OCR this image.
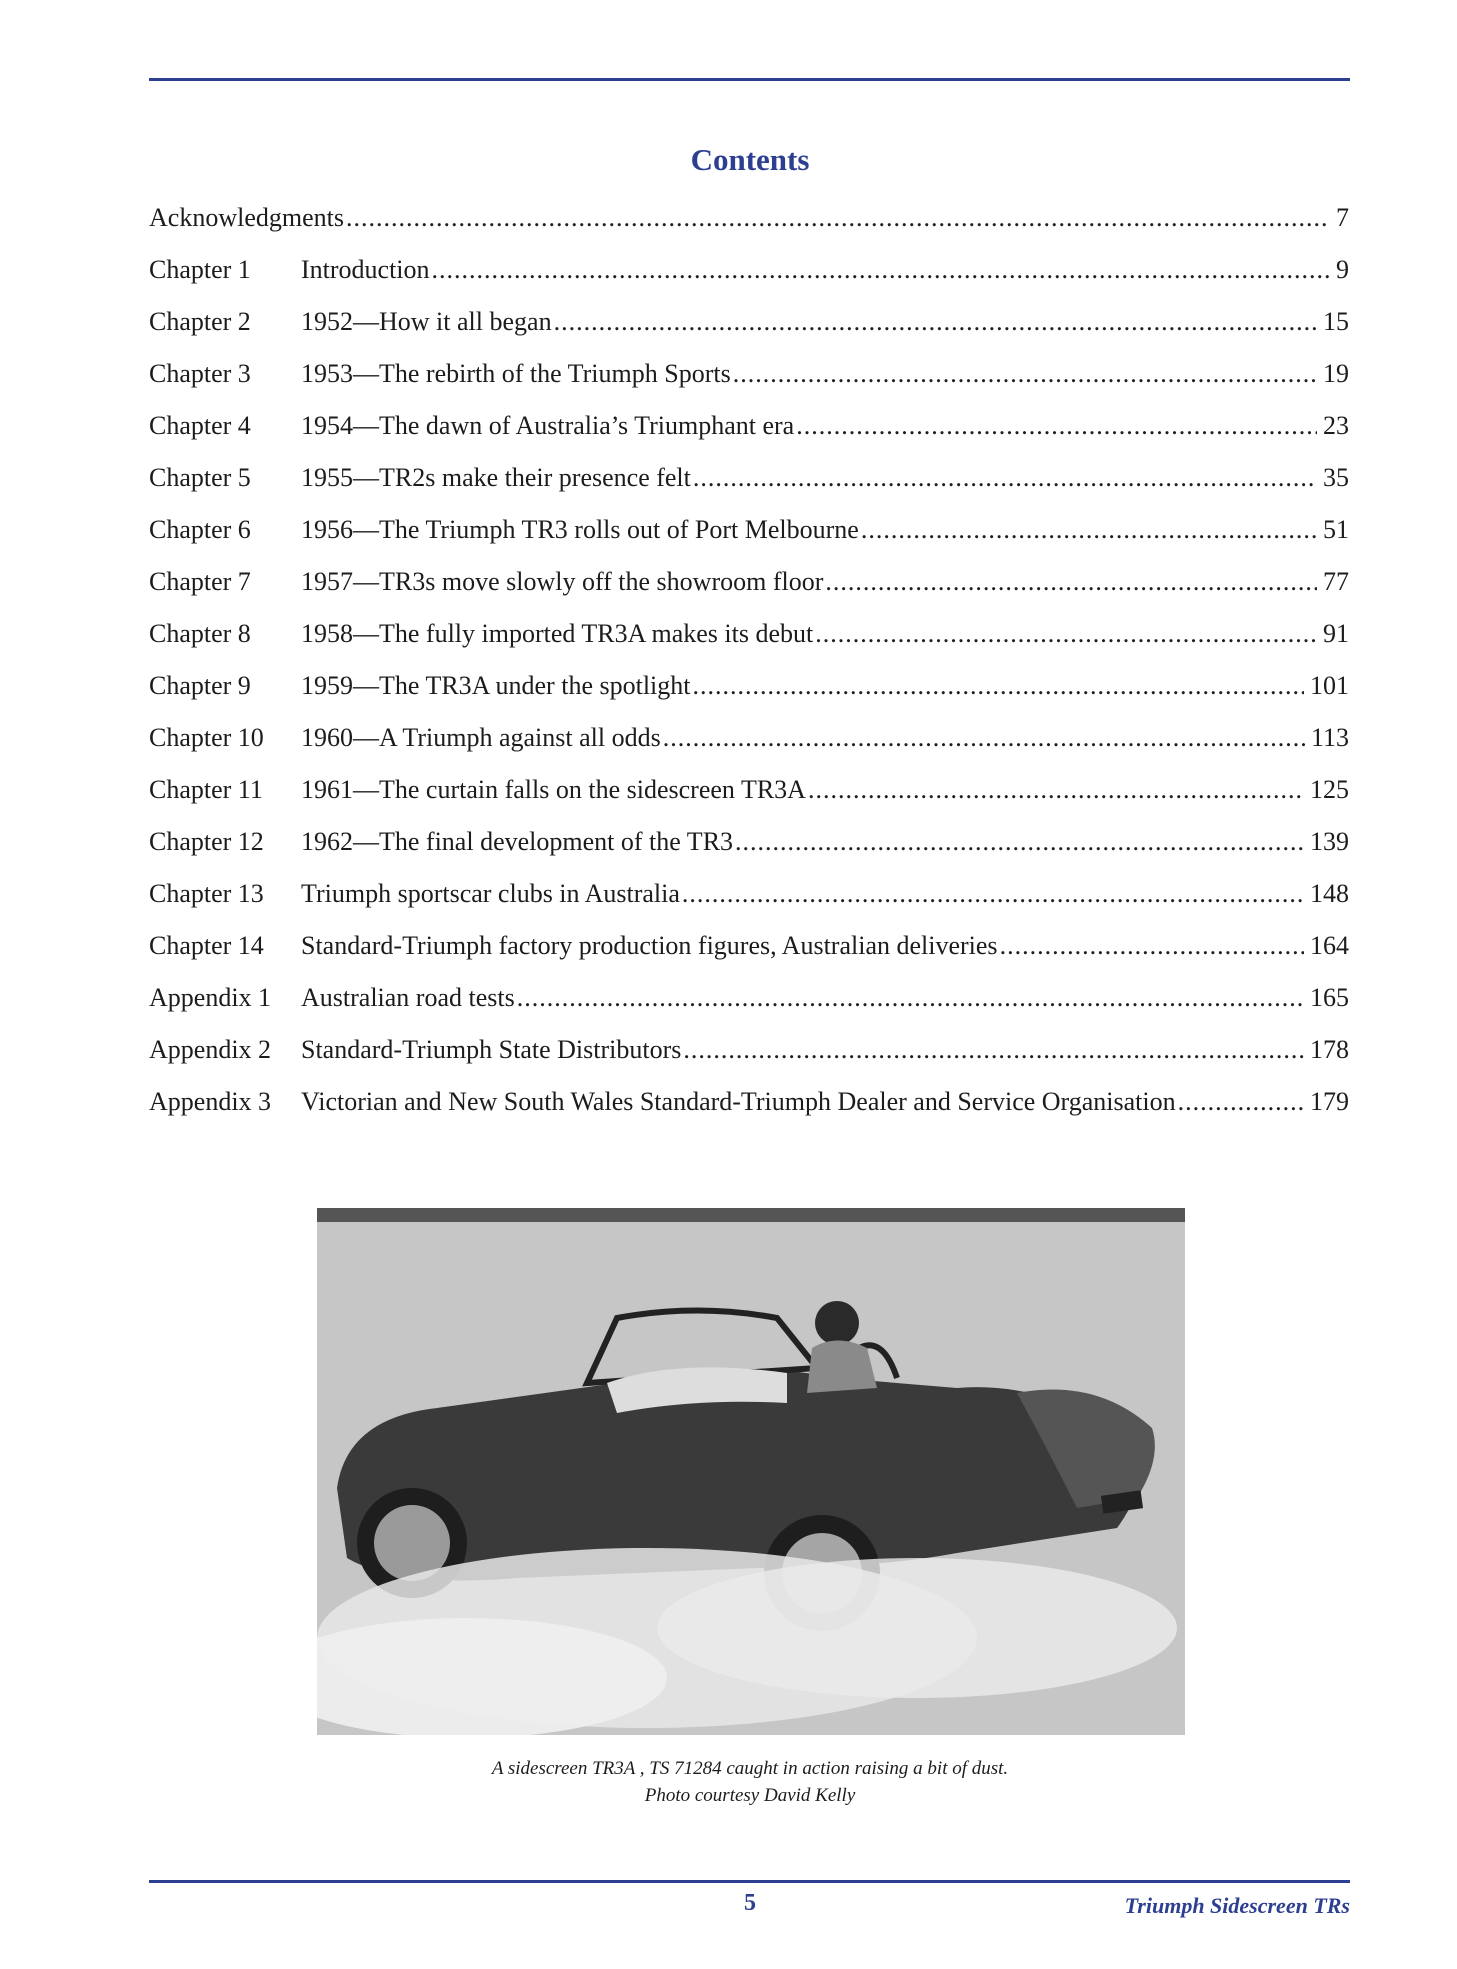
Contents
Acknowledgments .....	7
Chapter 1	Introduction .....	9
Chapter 2	1952—How it all began .....	15
Chapter 3	1953—The rebirth of the Triumph Sports .....	19
Chapter 4	1954—The dawn of Australia’s Triumphant era .....	23
Chapter 5	1955—TR2s make their presence felt .....	35
Chapter 6	1956—The Triumph TR3 rolls out of Port Melbourne .....	51
Chapter 7	1957—TR3s move slowly off the showroom floor .....	77
Chapter 8	1958—The fully imported TR3A makes its debut .....	91
Chapter 9	1959—The TR3A under the spotlight .....	101
Chapter 10	1960—A Triumph against all odds .....	113
Chapter 11	1961—The curtain falls on the sidescreen TR3A .....	125
Chapter 12	1962—The final development of the TR3 .....	139
Chapter 13	Triumph sportscar clubs in Australia .....	148
Chapter 14	Standard-Triumph factory production figures, Australian deliveries .....	164
Appendix 1	Australian road tests .....	165
Appendix 2	Standard-Triumph State Distributors .....	178
Appendix 3	Victorian and New South Wales Standard-Triumph Dealer and Service Organisation .....	179
A sidescreen TR3A , TS 71284 caught in action raising a bit of dust.
Photo courtesy David Kelly
5	Triumph Sidescreen TRs
